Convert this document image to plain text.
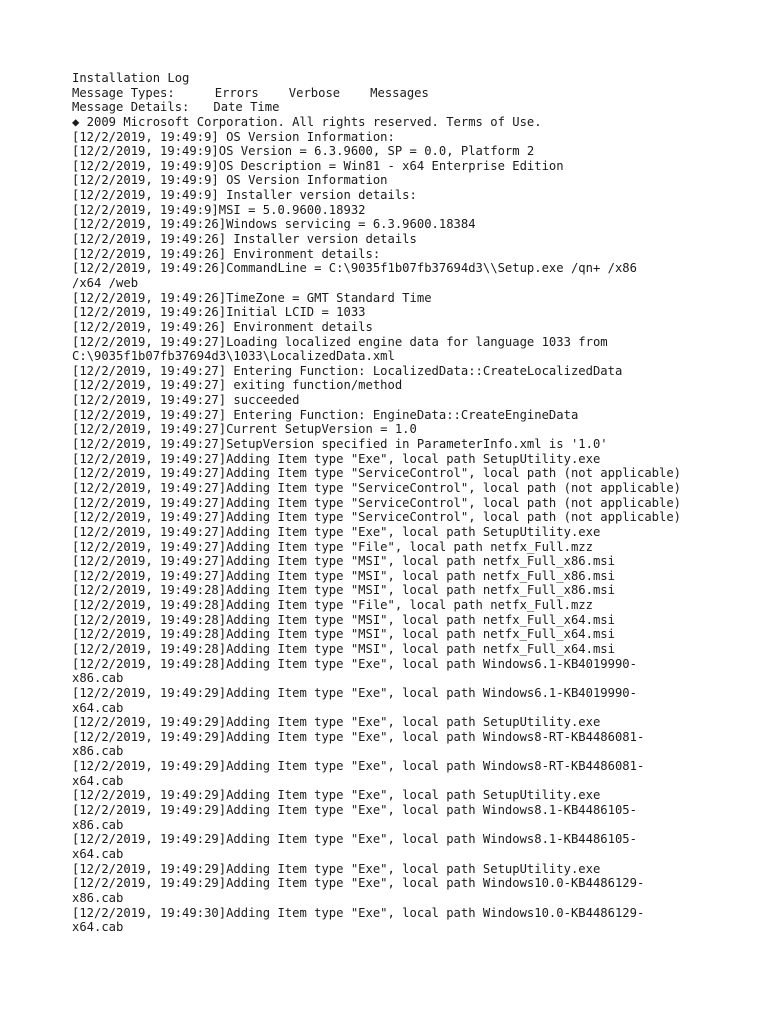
Installation Log
Message Types:	Errors Verbose Messages
Message Details: Date Time
◆ 2009 Microsoft Corporation. All rights reserved. Terms of Use.
[12/2/2019, 19:49:9] OS Version Information:
[12/2/2019, 19:49:9]OS Version = 6.3.9600, SP = 0.0, Platform 2
[12/2/2019, 19:49:9]OS Description = Win81 - x64 Enterprise Edition
[12/2/2019, 19:49:9] OS Version Information
[12/2/2019, 19:49:9] Installer version details:
[12/2/2019, 19:49:9]MSI = 5.0.9600.18932
[12/2/2019, 19:49:26]Windows servicing = 6.3.9600.18384
[12/2/2019, 19:49:26] Installer version details
[12/2/2019, 19:49:26] Environment details:
[12/2/2019, 19:49:26]CommandLine = C:\9035f1b07fb37694d3\\Setup.exe /qn+ /x86
/x64 /web
[12/2/2019, 19:49:26]TimeZone = GMT Standard Time
[12/2/2019, 19:49:26]Initial LCID = 1033
[12/2/2019, 19:49:26] Environment details
[12/2/2019, 19:49:27]Loading localized engine data for language 1033 from
C:\9035f1b07fb37694d3\1033\LocalizedData.xml
[12/2/2019, 19:49:27] Entering Function: LocalizedData::CreateLocalizedData
[12/2/2019, 19:49:27] exiting function/method
[12/2/2019, 19:49:27] succeeded
[12/2/2019, 19:49:27] Entering Function: EngineData::CreateEngineData
[12/2/2019, 19:49:27]Current SetupVersion = 1.0
[12/2/2019, 19:49:27]SetupVersion specified in ParameterInfo.xml is '1.0'
[12/2/2019, 19:49:27]Adding Item type "Exe", local path SetupUtility.exe
[12/2/2019, 19:49:27]Adding Item type "ServiceControl", local path (not applicable)
[12/2/2019, 19:49:27]Adding Item type "ServiceControl", local path (not applicable)
[12/2/2019, 19:49:27]Adding Item type "ServiceControl", local path (not applicable)
[12/2/2019, 19:49:27]Adding Item type "ServiceControl", local path (not applicable)
[12/2/2019, 19:49:27]Adding Item type "Exe", local path SetupUtility.exe
[12/2/2019, 19:49:27]Adding Item type "File", local path netfx_Full.mzz
[12/2/2019, 19:49:27]Adding Item type "MSI", local path netfx_Full_x86.msi
[12/2/2019, 19:49:27]Adding Item type "MSI", local path netfx_Full_x86.msi
[12/2/2019, 19:49:28]Adding Item type "MSI", local path netfx_Full_x86.msi
[12/2/2019, 19:49:28]Adding Item type "File", local path netfx_Full.mzz
[12/2/2019, 19:49:28]Adding Item type "MSI", local path netfx_Full_x64.msi
[12/2/2019, 19:49:28]Adding Item type "MSI", local path netfx_Full_x64.msi
[12/2/2019, 19:49:28]Adding Item type "MSI", local path netfx_Full_x64.msi
[12/2/2019, 19:49:28]Adding Item type "Exe", local path Windows6.1-KB4019990-
x86.cab
[12/2/2019, 19:49:29]Adding Item type "Exe", local path Windows6.1-KB4019990-
x64.cab
[12/2/2019, 19:49:29]Adding Item type "Exe", local path SetupUtility.exe
[12/2/2019, 19:49:29]Adding Item type "Exe", local path Windows8-RT-KB4486081-
x86.cab
[12/2/2019, 19:49:29]Adding Item type "Exe", local path Windows8-RT-KB4486081-
x64.cab
[12/2/2019, 19:49:29]Adding Item type "Exe", local path SetupUtility.exe
[12/2/2019, 19:49:29]Adding Item type "Exe", local path Windows8.1-KB4486105-
x86.cab
[12/2/2019, 19:49:29]Adding Item type "Exe", local path Windows8.1-KB4486105-
x64.cab
[12/2/2019, 19:49:29]Adding Item type "Exe", local path SetupUtility.exe
[12/2/2019, 19:49:29]Adding Item type "Exe", local path Windows10.0-KB4486129-
x86.cab
[12/2/2019, 19:49:30]Adding Item type "Exe", local path Windows10.0-KB4486129-
x64.cab
